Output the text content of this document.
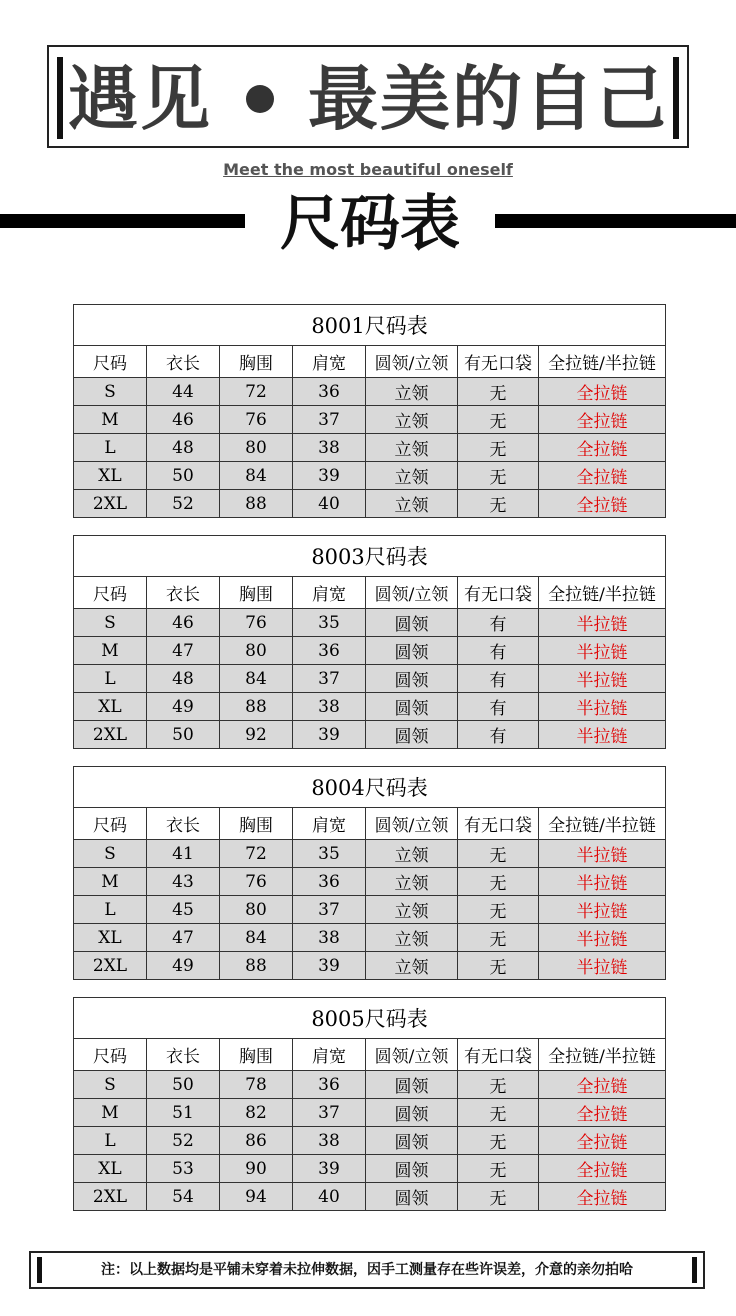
遇见 最美的自己
Meet the most beautiful oneself
尺码表
8001尺码表						
尺码	衣长	胸围	肩宽	圆领/立领	有无口袋	全拉链/半拉链
S	44	72	36	立领	无	全拉链
M	46	76	37	立领	无	全拉链
L	48	80	38	立领	无	全拉链
XL	50	84	39	立领	无	全拉链
2XL	52	88	40	立领	无	全拉链
8003尺码表						
尺码	衣长	胸围	肩宽	圆领/立领	有无口袋	全拉链/半拉链
S	46	76	35	圆领	有	半拉链
M	47	80	36	圆领	有	半拉链
L	48	84	37	圆领	有	半拉链
XL	49	88	38	圆领	有	半拉链
2XL	50	92	39	圆领	有	半拉链
8004尺码表						
尺码	衣长	胸围	肩宽	圆领/立领	有无口袋	全拉链/半拉链
S	41	72	35	立领	无	半拉链
M	43	76	36	立领	无	半拉链
L	45	80	37	立领	无	半拉链
XL	47	84	38	立领	无	半拉链
2XL	49	88	39	立领	无	半拉链
8005尺码表						
尺码	衣长	胸围	肩宽	圆领/立领	有无口袋	全拉链/半拉链
S	50	78	36	圆领	无	全拉链
M	51	82	37	圆领	无	全拉链
L	52	86	38	圆领	无	全拉链
XL	53	90	39	圆领	无	全拉链
2XL	54	94	40	圆领	无	全拉链
注：以上数据均是平铺未穿着未拉伸数据，因手工测量存在些许误差，介意的亲勿拍哈
